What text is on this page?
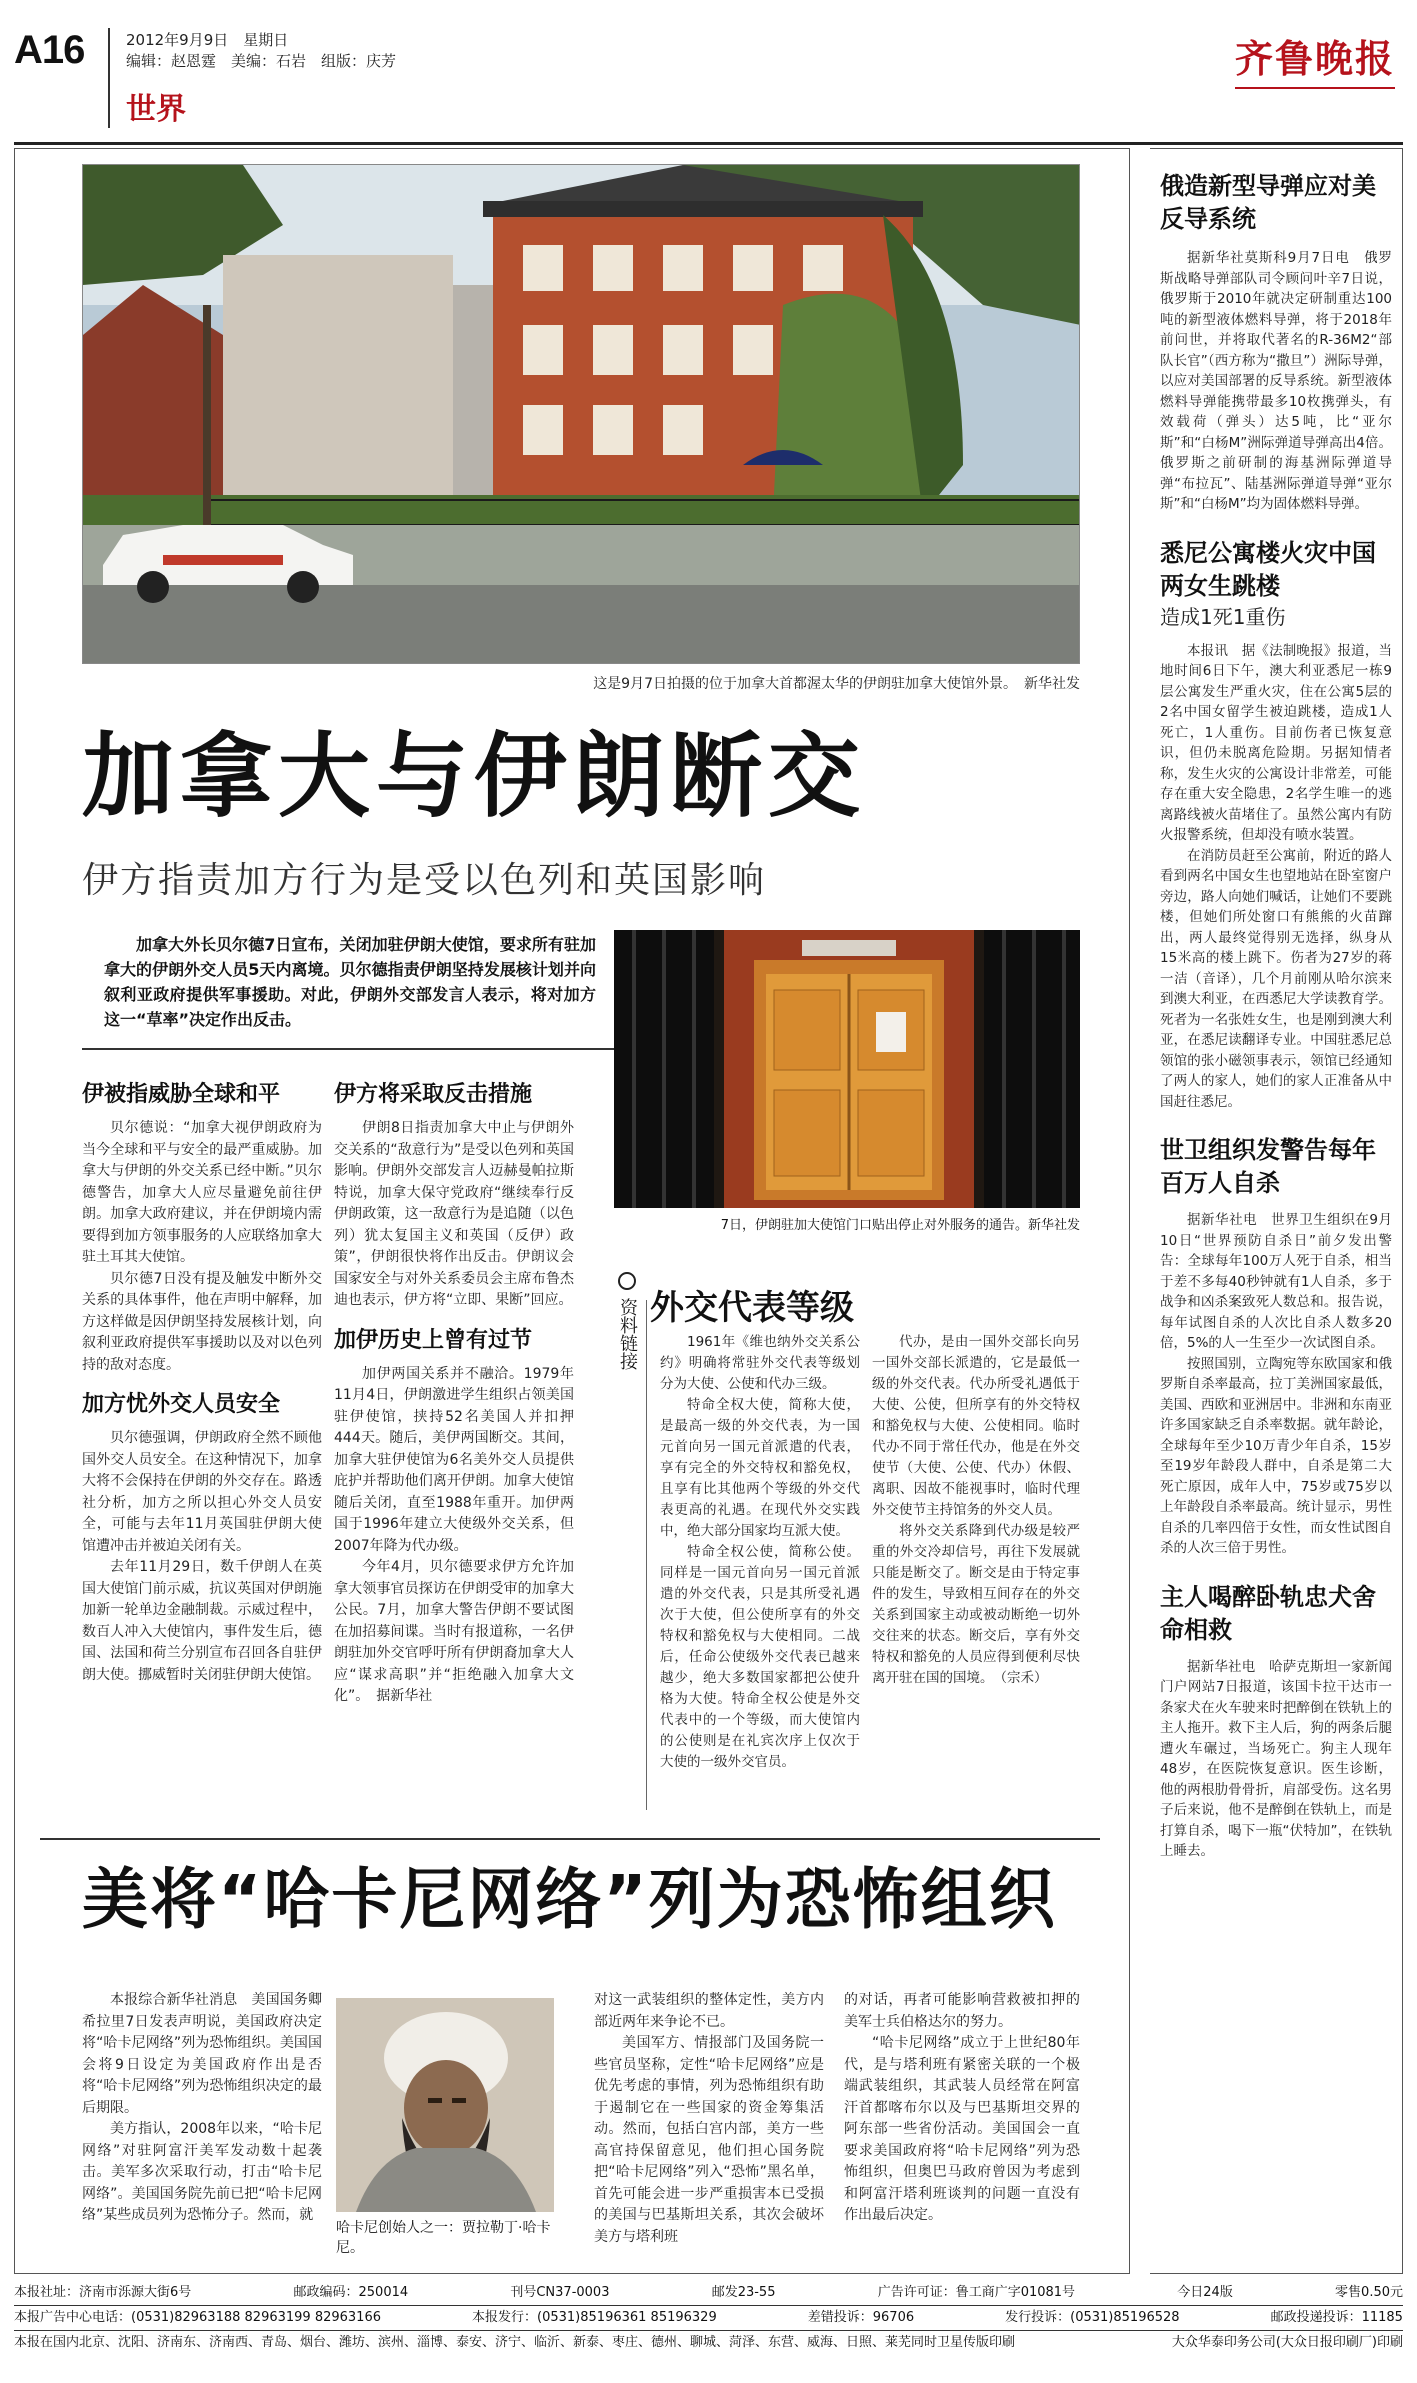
A16	2012年9月9日　星期日
编辑：赵恩霆　美编：石岩　组版：庆芳
世界
齐鲁晚报
这是9月7日拍摄的位于加拿大首都渥太华的伊朗驻加拿大使馆外景。　新华社发
加拿大与伊朗断交
伊方指责加方行为是受以色列和英国影响
加拿大外长贝尔德7日宣布，关闭加驻伊朗大使馆，要求所有驻加拿大的伊朗外交人员5天内离境。贝尔德指责伊朗坚持发展核计划并向叙利亚政府提供军事援助。对此，伊朗外交部发言人表示，将对加方这一“草率”决定作出反击。
7日，伊朗驻加大使馆门口贴出停止对外服务的通告。新华社发
伊被指威胁全球和平

贝尔德说：“加拿大视伊朗政府为当今全球和平与安全的最严重威胁。加拿大与伊朗的外交关系已经中断。”贝尔德警告，加拿大人应尽量避免前往伊朗。加拿大政府建议，并在伊朗境内需要得到加方领事服务的人应联络加拿大驻土耳其大使馆。

贝尔德7日没有提及触发中断外交关系的具体事件，他在声明中解释，加方这样做是因伊朗坚持发展核计划，向叙利亚政府提供军事援助以及对以色列持的敌对态度。

加方忧外交人员安全

贝尔德强调，伊朗政府全然不顾他国外交人员安全。在这种情况下，加拿大将不会保持在伊朗的外交存在。路透社分析，加方之所以担心外交人员安全，可能与去年11月英国驻伊朗大使馆遭冲击并被迫关闭有关。

去年11月29日，数千伊朗人在英国大使馆门前示威，抗议英国对伊朗施加新一轮单边金融制裁。示威过程中，数百人冲入大使馆内，事件发生后，德国、法国和荷兰分别宣布召回各自驻伊朗大使。挪威暂时关闭驻伊朗大使馆。

伊方将采取反击措施

伊朗8日指责加拿大中止与伊朗外交关系的“敌意行为”是受以色列和英国影响。伊朗外交部发言人迈赫曼帕拉斯特说，加拿大保守党政府“继续奉行反伊朗政策，这一敌意行为是追随（以色列）犹太复国主义和英国（反伊）政策”，伊朗很快将作出反击。伊朗议会国家安全与对外关系委员会主席布鲁杰迪也表示，伊方将“立即、果断”回应。

加伊历史上曾有过节

加伊两国关系并不融洽。1979年11月4日，伊朗激进学生组织占领美国驻伊使馆，挟持52名美国人并扣押444天。随后，美伊两国断交。其间，加拿大驻伊使馆为6名美外交人员提供庇护并帮助他们离开伊朗。加拿大使馆随后关闭，直至1988年重开。加伊两国于1996年建立大使级外交关系，但2007年降为代办级。

今年4月，贝尔德要求伊方允许加拿大领事官员探访在伊朗受审的加拿大公民。7月，加拿大警告伊朗不要试图在加招募间谍。当时有报道称，一名伊朗驻加外交官呼吁所有伊朗裔加拿大人应“谋求高职”并“拒绝融入加拿大文化”。　据新华社

资料链接 外交代表等级

1961年《维也纳外交关系公约》明确将常驻外交代表等级划分为大使、公使和代办三级。

特命全权大使，简称大使，是最高一级的外交代表，为一国元首向另一国元首派遣的代表，享有完全的外交特权和豁免权，且享有比其他两个等级的外交代表更高的礼遇。在现代外交实践中，绝大部分国家均互派大使。

特命全权公使，简称公使。同样是一国元首向另一国元首派遣的外交代表，只是其所受礼遇次于大使，但公使所享有的外交特权和豁免权与大使相同。二战后，任命公使级外交代表已越来越少，绝大多数国家都把公使升格为大使。特命全权公使是外交代表中的一个等级，而大使馆内的公使则是在礼宾次序上仅次于大使的一级外交官员。

代办，是由一国外交部长向另一国外交部长派遣的，它是最低一级的外交代表。代办所受礼遇低于大使、公使，但所享有的外交特权和豁免权与大使、公使相同。临时代办不同于常任代办，他是在外交使节（大使、公使、代办）休假、离职、因故不能视事时，临时代理外交使节主持馆务的外交人员。

将外交关系降到代办级是较严重的外交冷却信号，再往下发展就只能是断交了。断交是由于特定事件的发生，导致相互间存在的外交关系到国家主动或被动断绝一切外交往来的状态。断交后，享有外交特权和豁免的人员应得到便利尽快离开驻在国的国境。　（宗禾）

美将“哈卡尼网络”列为恐怖组织

本报综合新华社消息　美国国务卿希拉里7日发表声明说，美国政府决定将“哈卡尼网络”列为恐怖组织。美国国会将9日设定为美国政府作出是否将“哈卡尼网络”列为恐怖组织决定的最后期限。

美方指认，2008年以来，“哈卡尼网络”对驻阿富汗美军发动数十起袭击。美军多次采取行动，打击“哈卡尼网络”。美国国务院先前已把“哈卡尼网络”某些成员列为恐怖分子。然而，就

哈卡尼创始人之一：贾拉勒丁·哈卡尼。

对这一武装组织的整体定性，美方内部近两年来争论不已。

美国军方、情报部门及国务院一些官员坚称，定性“哈卡尼网络”应是优先考虑的事情，列为恐怖组织有助于遏制它在一些国家的资金筹集活动。然而，包括白宫内部，美方一些高官持保留意见，他们担心国务院把“哈卡尼网络”列入“恐怖”黑名单，首先可能会进一步严重损害本已受损的美国与巴基斯坦关系，其次会破坏美方与塔利班

的对话，再者可能影响营救被扣押的美军士兵伯格达尔的努力。

“哈卡尼网络”成立于上世纪80年代，是与塔利班有紧密关联的一个极端武装组织，其武装人员经常在阿富汗首都喀布尔以及与巴基斯坦交界的阿东部一些省份活动。美国国会一直要求美国政府将“哈卡尼网络”列为恐怖组织，但奥巴马政府曾因为考虑到和阿富汗塔利班谈判的问题一直没有作出最后决定。

俄造新型导弹应对美反导系统

据新华社莫斯科9月7日电　俄罗斯战略导弹部队司令顾问叶辛7日说，俄罗斯于2010年就决定研制重达100吨的新型液体燃料导弹，将于2018年前问世，并将取代著名的R-36M2“部队长官”（西方称为“撒旦”）洲际导弹，以应对美国部署的反导系统。新型液体燃料导弹能携带最多10枚携弹头，有效载荷（弹头）达5吨，比“亚尔斯”和“白杨M”洲际弹道导弹高出4倍。俄罗斯之前研制的海基洲际弹道导弹“布拉瓦”、陆基洲际弹道导弹“亚尔斯”和“白杨M”均为固体燃料导弹。

悉尼公寓楼火灾中国两女生跳楼
造成1死1重伤

本报讯　据《法制晚报》报道，当地时间6日下午，澳大利亚悉尼一栋9层公寓发生严重火灾，住在公寓5层的2名中国女留学生被迫跳楼，造成1人死亡，1人重伤。目前伤者已恢复意识，但仍未脱离危险期。另据知情者称，发生火灾的公寓设计非常差，可能存在重大安全隐患，2名学生唯一的逃离路线被火苗堵住了。虽然公寓内有防火报警系统，但却没有喷水装置。

在消防员赶至公寓前，附近的路人看到两名中国女生也望地站在卧室窗户旁边，路人向她们喊话，让她们不要跳楼，但她们所处窗口有熊熊的火苗蹿出，两人最终觉得别无选择，纵身从15米高的楼上跳下。伤者为27岁的蒋一洁（音译），几个月前刚从哈尔滨来到澳大利亚，在西悉尼大学读教育学。死者为一名张姓女生，也是刚到澳大利亚，在悉尼读翻译专业。中国驻悉尼总领馆的张小磁领事表示，领馆已经通知了两人的家人，她们的家人正准备从中国赶往悉尼。

世卫组织发警告每年百万人自杀

据新华社电　世界卫生组织在9月10日“世界预防自杀日”前夕发出警告：全球每年100万人死于自杀，相当于差不多每40秒钟就有1人自杀，多于战争和凶杀案致死人数总和。报告说，每年试图自杀的人次比自杀人数多20倍，5%的人一生至少一次试图自杀。

按照国别，立陶宛等东欧国家和俄罗斯自杀率最高，拉丁美洲国家最低，美国、西欧和亚洲居中。非洲和东南亚许多国家缺乏自杀率数据。就年龄论，全球每年至少10万青少年自杀，15岁至19岁年龄段人群中，自杀是第二大死亡原因，成年人中，75岁或75岁以上年龄段自杀率最高。统计显示，男性自杀的几率四倍于女性，而女性试图自杀的人次三倍于男性。

主人喝醉卧轨忠犬舍命相救

据新华社电　哈萨克斯坦一家新闻门户网站7日报道，该国卡拉干达市一条家犬在火车驶来时把醉倒在铁轨上的主人拖开。救下主人后，狗的两条后腿遭火车碾过，当场死亡。狗主人现年48岁，在医院恢复意识。医生诊断，他的两根肋骨骨折，肩部受伤。这名男子后来说，他不是醉倒在铁轨上，而是打算自杀，喝下一瓶“伏特加”，在铁轨上睡去。

本报社址：济南市泺源大街6号	邮政编码：250014	刊号CN37-0003	邮发23-55	广告许可证：鲁工商广字01081号	今日24版	零售0.50元
本报广告中心电话：(0531)82963188 82963199 82963166	本报发行：(0531)85196361 85196329	差错投诉：96706	发行投诉：(0531)85196528	邮政投递投诉：11185
本报在国内北京、沈阳、济南东、济南西、青岛、烟台、潍坊、滨州、淄博、泰安、济宁、临沂、新泰、枣庄、德州、聊城、菏泽、东营、威海、日照、莱芜同时卫星传版印刷	大众华泰印务公司(大众日报印刷厂)印刷
